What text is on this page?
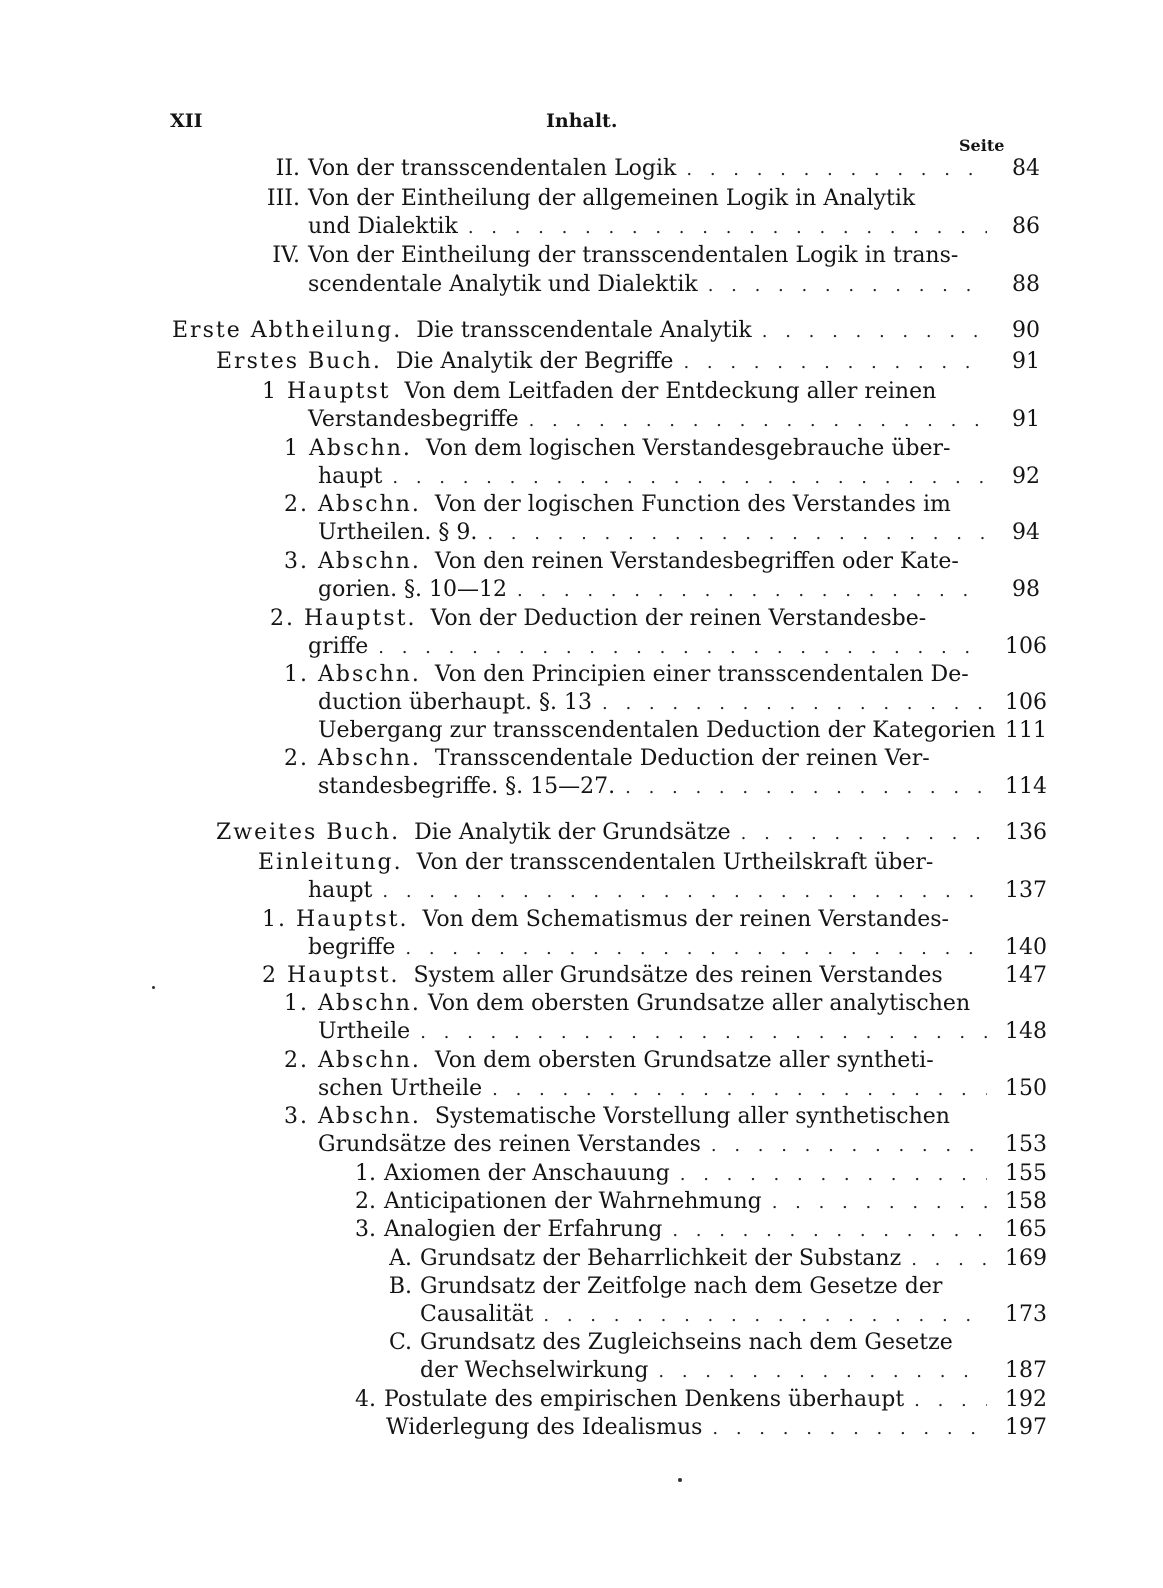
XII	Inhalt.
Seite
II. Von der transscendentalen Logik . . .	84
III. Von der Eintheilung der allgemeinen Logik in Analytik
und Dialektik . . .	86
IV. Von der Eintheilung der transscendentalen Logik in trans-
scendentale Analytik und Dialektik . . .	88
Erste Abtheilung. Die transscendentale Analytik . . .	90
Erstes Buch. Die Analytik der Begriffe . . .	91
1 Hauptst Von dem Leitfaden der Entdeckung aller reinen
Verstandesbegriffe . . .	91
1 Abschn. Von dem logischen Verstandesgebrauche über-
haupt . . .	92
2. Abschn. Von der logischen Function des Verstandes im
Urtheilen. § 9. . . .	94
3. Abschn. Von den reinen Verstandesbegriffen oder Kate-
gorien. §. 10—12 . . .	98
2. Hauptst. Von der Deduction der reinen Verstandesbe-
griffe . . .	106
1. Abschn. Von den Principien einer transscendentalen De-
duction überhaupt. §. 13 . . .	106
Uebergang zur transscendentalen Deduction der Kategorien 111
2. Abschn. Transscendentale Deduction der reinen Ver-
standesbegriffe. §. 15—27. . . .	114
Zweites Buch. Die Analytik der Grundsätze . . .	136
Einleitung. Von der transscendentalen Urtheilskraft über-
haupt . . .	137
1. Hauptst. Von dem Schematismus der reinen Verstandes-
begriffe . . .	140
2 Hauptst. System aller Grundsätze des reinen Verstandes	147
1. Abschn. Von dem obersten Grundsatze aller analytischen
Urtheile . . .	148
2. Abschn. Von dem obersten Grundsatze aller syntheti-
schen Urtheile . . .	150
3. Abschn. Systematische Vorstellung aller synthetischen
Grundsätze des reinen Verstandes . . .	153
1. Axiomen der Anschauung . . .	155
2. Anticipationen der Wahrnehmung . . .	158
3. Analogien der Erfahrung . . .	165
A. Grundsatz der Beharrlichkeit der Substanz . . .	169
B. Grundsatz der Zeitfolge nach dem Gesetze der
Causalität . . .	173
C. Grundsatz des Zugleichseins nach dem Gesetze
der Wechselwirkung . . .	187
4. Postulate des empirischen Denkens überhaupt . . .	192
Widerlegung des Idealismus . . .	197
